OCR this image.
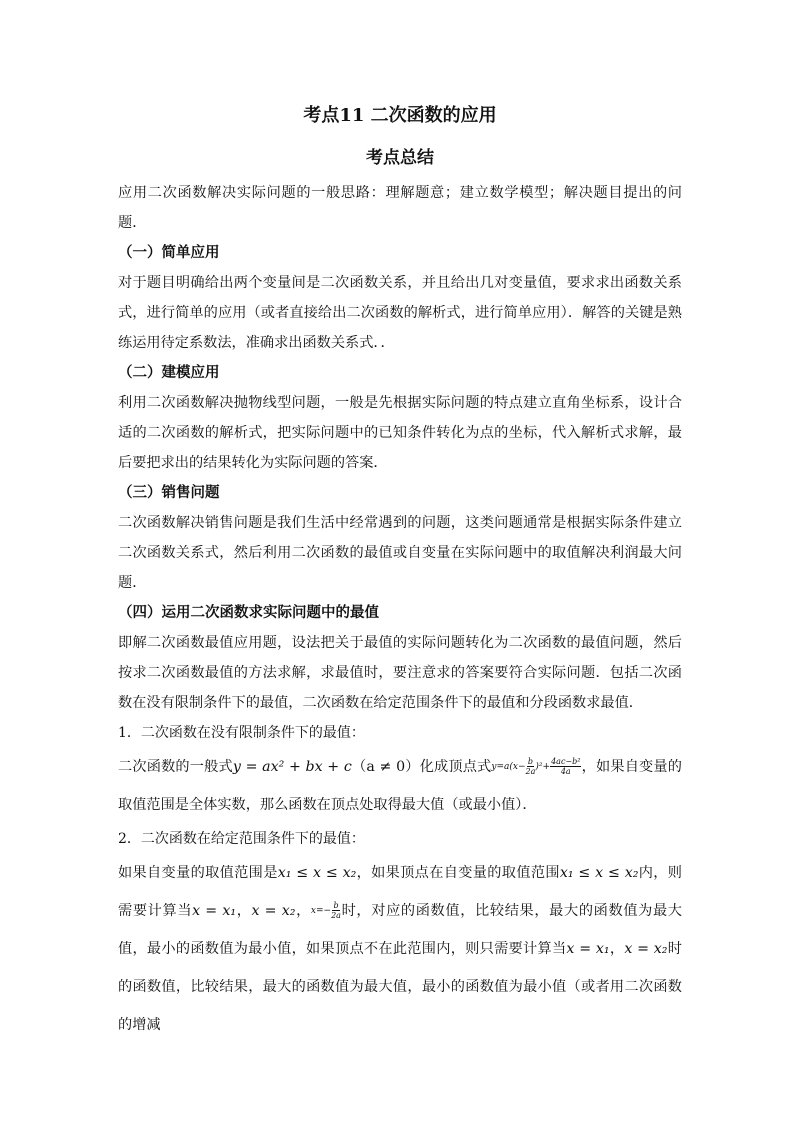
考点11 二次函数的应用
考点总结

应用二次函数解决实际问题的一般思路：理解题意；建立数学模型；解决题目提出的问题．

（一）简单应用

对于题目明确给出两个变量间是二次函数关系，并且给出几对变量值，要求求出函数关系式，进行简单的应用（或者直接给出二次函数的解析式，进行简单应用）．解答的关键是熟练运用待定系数法，准确求出函数关系式．．

（二）建模应用

利用二次函数解决抛物线型问题，一般是先根据实际问题的特点建立直角坐标系，设计合适的二次函数的解析式，把实际问题中的已知条件转化为点的坐标，代入解析式求解，最后要把求出的结果转化为实际问题的答案．

（三）销售问题

二次函数解决销售问题是我们生活中经常遇到的问题，这类问题通常是根据实际条件建立二次函数关系式，然后利用二次函数的最值或自变量在实际问题中的取值解决利润最大问题．

（四）运用二次函数求实际问题中的最值

即解二次函数最值应用题，设法把关于最值的实际问题转化为二次函数的最值问题，然后按求二次函数最值的方法求解，求最值时，要注意求的答案要符合实际问题．包括二次函数在没有限制条件下的最值，二次函数在给定范围条件下的最值和分段函数求最值．

1．二次函数在没有限制条件下的最值：

二次函数的一般式y = ax² + bx + c（a ≠ 0）化成顶点式$y=a(x- \frac{b}{2a} )^2+ \frac{\text{4ac−b²}}{4a}$ ，如果自变量的取值范围是全体实数，那么函数在顶点处取得最大值（或最小值）．

2．二次函数在给定范围条件下的最值：

如果自变量的取值范围是x₁ ≤ x ≤ x₂，如果顶点在自变量的取值范围x₁ ≤ x ≤ x₂内，则需要计算当x = x₁，x = x₂，$x=- \frac{b}{2a}$ 时，对应的函数值，比较结果，最大的函数值为最大值，最小的函数值为最小值，如果顶点不在此范围内，则只需要计算当x = x₁，x = x₂时的函数值，比较结果，最大的函数值为最大值，最小的函数值为最小值（或者用二次函数的增减
